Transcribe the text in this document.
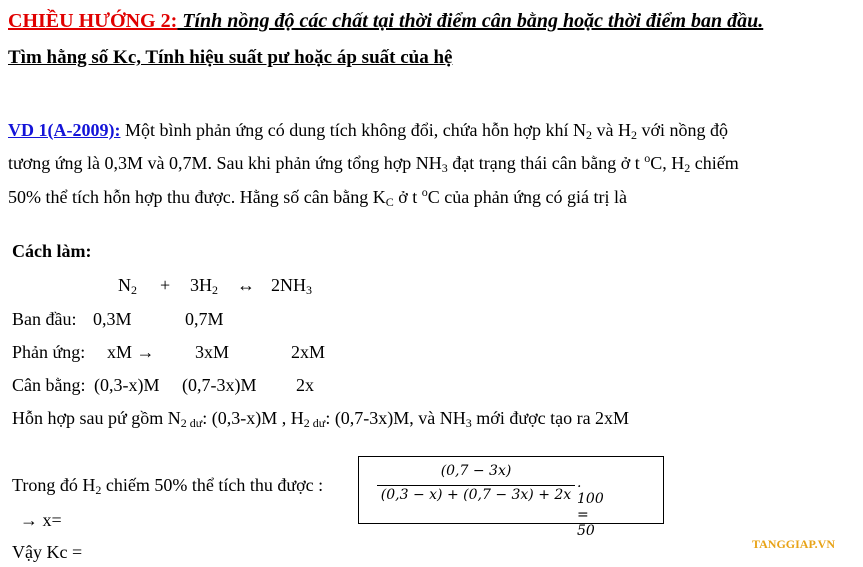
CHIỀU HƯỚNG 2: Tính nồng độ các chất tại thời điểm cân bằng hoặc thời điểm ban đầu.
Tìm hằng số Kc, Tính hiệu suất pư hoặc áp suất của hệ
VD 1(A-2009): Một bình phản ứng có dung tích không đổi, chứa hỗn hợp khí $N_2$ và $H_2$ với nồng độ
tương ứng là 0,3M và 0,7M. Sau khi phản ứng tổng hợp $NH_3$ đạt trạng thái cân bằng ở t $^o$C, $H_2$ chiếm
50% thể tích hỗn hợp thu được. Hằng số cân bằng $K_C$ ở t $^o$C của phản ứng có giá trị là
Cách làm:
$N_2 + 3H_2$ ↔ $2NH_3$
Ban đầu: 0,3M	0,7M
Phản ứng: xM → 3xM	2xM
Cân bằng: (0,3-x)M (0,7-3x)M 2x
Hỗn hợp sau pứ gồm $N_{2 dư}$: (0,3-x)M , $H_{2 dư}$: (0,7-3x)M, và $NH_3$ mới được tạo ra 2xM
Trong đó $H_2$ chiếm 50% thể tích thu được :
(0,7 − 3x)
(0,3 − x) + (0,7 − 3x) + 2x
. 100 = 50
→ x=
Vậy Kc =	TANGGIAP.VN
